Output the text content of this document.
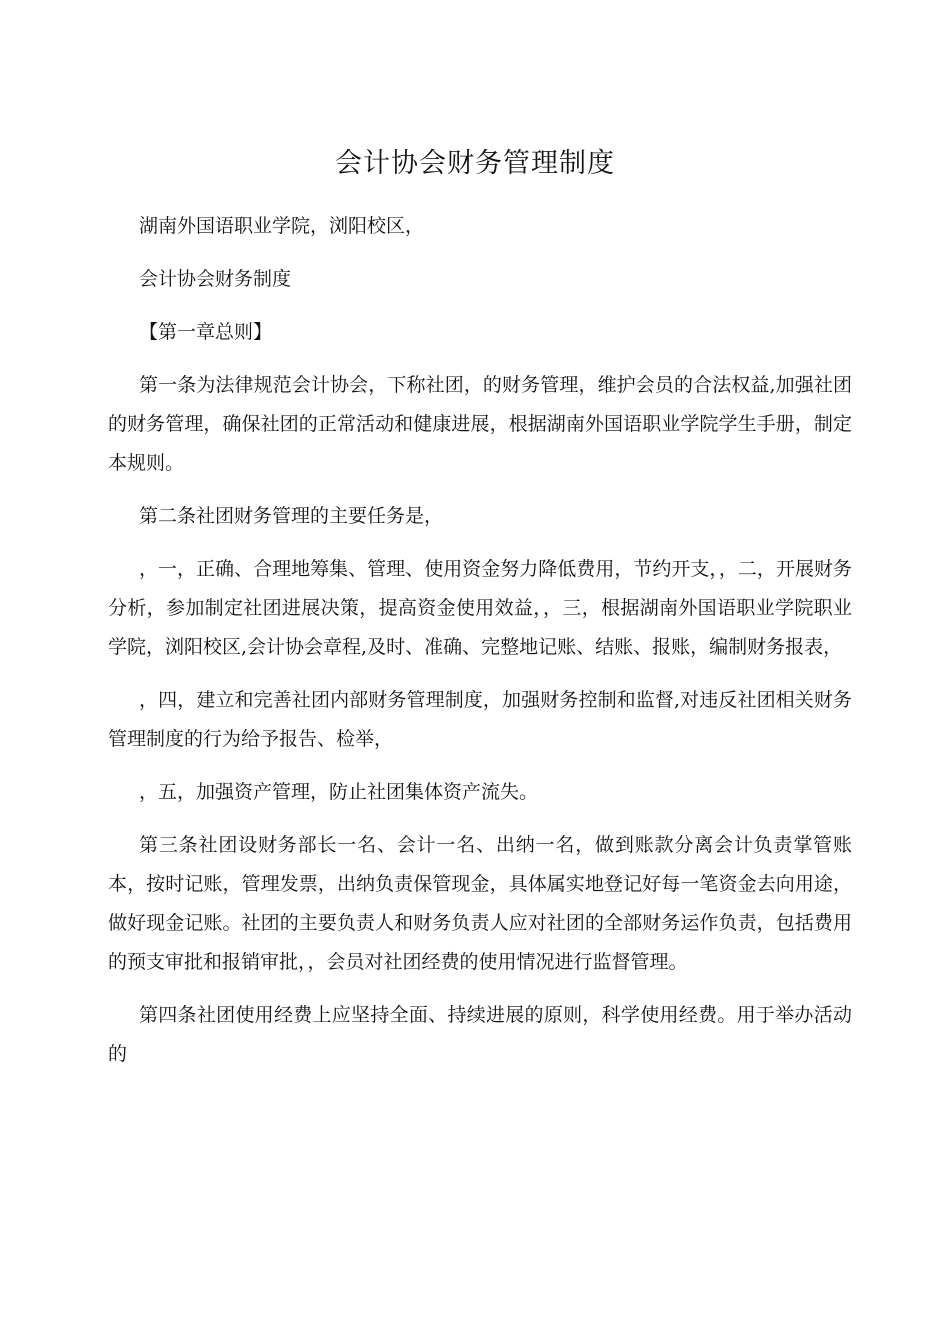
会计协会财务管理制度

湖南外国语职业学院，浏阳校区，

会计协会财务制度

【第一章总则】

第一条为法律规范会计协会，下称社团，的财务管理，维护会员的合法权益,加强社团的财务管理，确保社团的正常活动和健康进展，根据湖南外国语职业学院学生手册，制定本规则。

第二条社团财务管理的主要任务是，

，一，正确、合理地筹集、管理、使用资金努力降低费用，节约开支，，二，开展财务分析，参加制定社团进展决策，提高资金使用效益，，三，根据湖南外国语职业学院职业学院，浏阳校区,会计协会章程,及时、准确、完整地记账、结账、报账，编制财务报表，

，四，建立和完善社团内部财务管理制度，加强财务控制和监督,对违反社团相关财务管理制度的行为给予报告、检举，

，五，加强资产管理，防止社团集体资产流失。

第三条社团设财务部长一名、会计一名、出纳一名，做到账款分离会计负责掌管账本，按时记账，管理发票，出纳负责保管现金，具体属实地登记好每一笔资金去向用途，做好现金记账。社团的主要负责人和财务负责人应对社团的全部财务运作负责，包括费用的预支审批和报销审批，，会员对社团经费的使用情况进行监督管理。

第四条社团使用经费上应坚持全面、持续进展的原则，科学使用经费。用于举办活动的
